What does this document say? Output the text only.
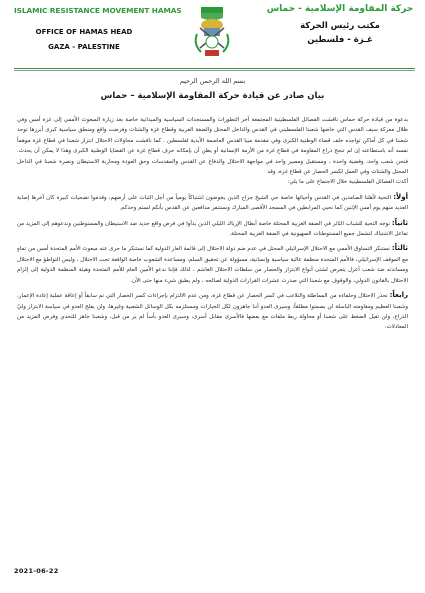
ISLAMIC RESISTANCE MOVEMENT HAMAS
OFFICE OF HAMAS HEAD
GAZA - PALESTINE
حركة المقاومة الإسلامية - حماس
مكتب رئيس الحركة
غـزة - فلسطين
بسم الله الرحمن الرحيم
بيان صادر عن قيادة حركة المقاومة الإسلامية – حماس

بدعوة من قيادة حركة حماس ناقشت الفصائل الفلسطينية المجتمعة آخر التطورات والمستجدات السياسية والميدانية خاصة بعد زيارة المبعوث الأممي إلى غزة أمس وفي ظلال معركة سيف القدس التي خاضها شعبنا الفلسطيني في القدس والداخل المحتل والضفة الغربية وقطاع غزة والشتات وفرضت واقع ومنطق سياسية كبرى أبرزها توحد شعبنا في كل أماكن تواجده خلف قضاء الوطنية الكبرى وفي مقدمة مبيا القدس العاصمة الأبدية لفلسطين . كما ناقشت محاولات الاحتلال ابتزاز شعبنا في قطاع غزة موهماً نفسه أنه باستطاعته إن لم تنجح ذراع المقاومة في قطاع غزة من الأزمة الإنسانية أو يظن أن بإمكانه حرف قطاع غزة عن القضايا الوطنية الكبرى وهذا لا يمكن أن يحدث. فنحن شعب واحد، وقضية واحدة ، ومستقبل ومصير واحد في مواجهة الاحتلال والدفاع عن القدس والمقدسات وحق العودة ومحاربة الاستيطان ونصرة شعبنا في الداخل المحتل والشتات وفي العمل لكسر الحصار عن قطاع غزة، وقد

أكدت الفصائل الفلسطينية خلال الاجتماع على ما يلي:

أولاً: التحية لأهلنا الصامدين في القدس وأحيائها خاصة حي الشيخ جراح الذين يخوضون اشتباكاً يومياً من أجل الثبات على أرضهم، وقدموا تضحيات كبيرة كان آخرها إصابة العديد منهم يوم أمس الإثنين كما نحيي المرابطين في المسجد الأقصى المبارك ونستنفر مدافعين عن القدس بأنكم لستم وحدكم.

ثانياً: نوجه التحية للشباب الثائر في الضفة الغربية المحتلة خاصة أبطال الإرباك الليلي الذين بدأوا في فرض واقع جديد ضد الاستيطان والمستوطنين وندعوهم إلى المزيد من تفاعل الاشتباك لتشمل جميع المستوطنات الصهيونية في الضفة الغربية المحتلة.

ثالثاً: نستنكر التساوق الأممي مع الاحتلال الإسرائيلي المحتل في عدم ضم دولة الاحتلال إلى قائمة العار الدولية كما نستنكر ما جرى عنه مبعوث الأمم المتحدة أمس من تماهٍ مع الموقف الإسرائيلي، فالأمم المتحدة منظمة عالية سياسية وإنسانية، مسؤولة عن تحقيق السلم، ومساعدة الشعوب خاصة الواقعة تحت الاحتلال ، وليس التواطؤ مع الاحتلال ومساندته ضد شعب أعزل يتعرض لشتى أنواع الابتزاز والحصار من سلطات الاحتلال الغاشم ، لذلك فإننا ندعو الأمين العام للأمم المتحدة وهيئة المنظمة الدولية إلى إلزام الاحتلال بالقانون الدولي، والوقوف مع شعبنا التي صدرت عشرات القرارات الدولية لصالحه ، ولم يطبق شيء منها حتى الآن.

رابعاً: نحذر الاحتلال وحلفاءه من المماطلة والتلاعب في كسر الحصار عن قطاع غزة، ومن عدم الالتزام بإجراءات كسر الحصار التي تم سابقاً أو إعاقة عملية إعادة الإعمار، وشعبنا العظيم ومقاومته الباسلة لن يصمتوا مطلقاً، وسيرى العدو أننا جاهزون لكل الخيارات ومستلزمه بكل الوسائل الشعبية وغيرها، ولن يفلح العدو في سياسة الابتزاز وليّ الذراع، ولن تفيل الضغط على شعبنا أو محاولة ربط ملفات مع بعضها فالأسرى مقابل أسرى، وسيرى العدو بأساً لم ير من قبل، وشعبنا جاهز للتحدي وفرض المزيد من المعادلات.

2021-06-22
